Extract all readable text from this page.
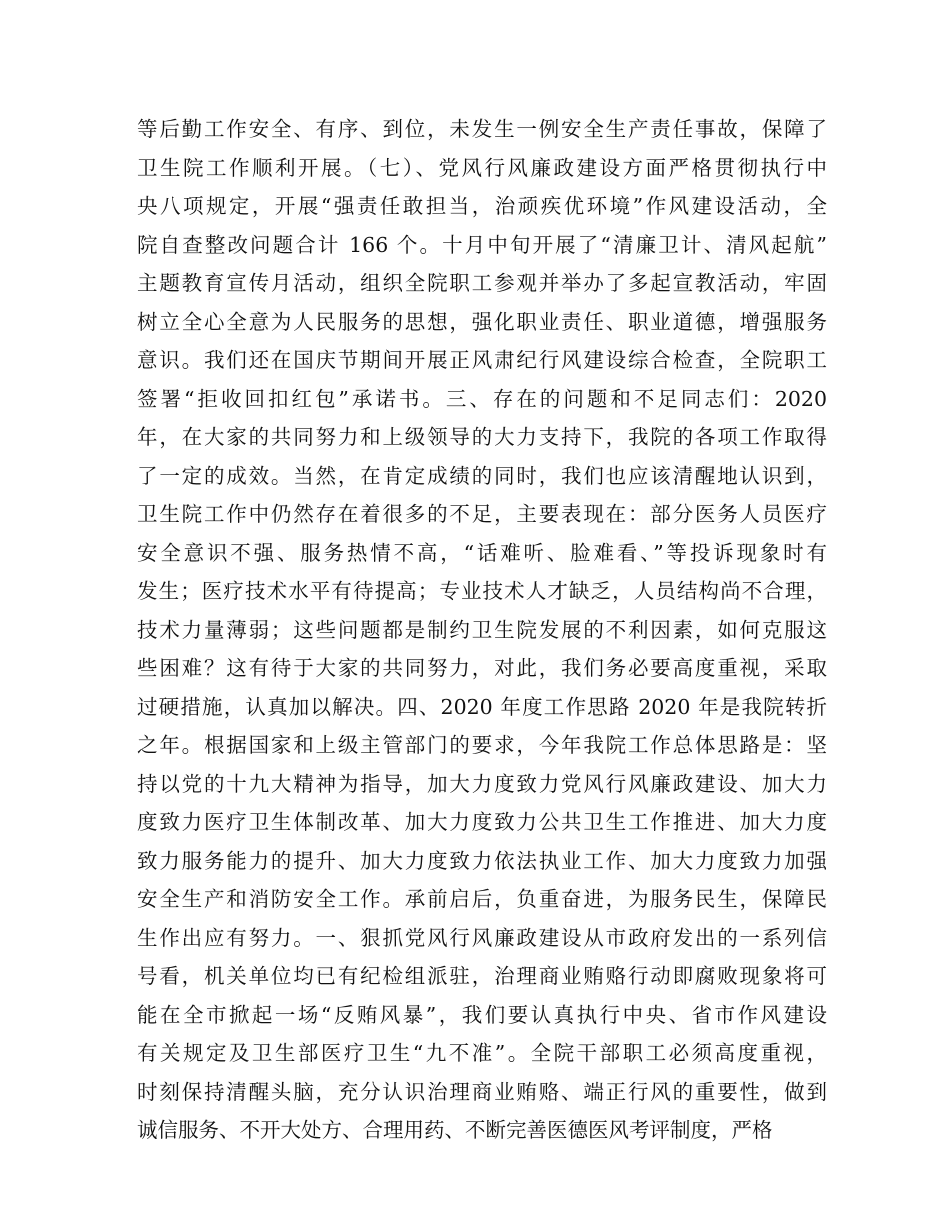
等后勤工作安全、有序、到位，未发生一例安全生产责任事故，保障了
卫生院工作顺利开展。（七）、党风行风廉政建设方面严格贯彻执行中
央八项规定，开展“强责任敢担当，治顽疾优环境”作风建设活动，全
院自查整改问题合计 166 个。十月中旬开展了“清廉卫计、清风起航”
主题教育宣传月活动，组织全院职工参观并举办了多起宣教活动，牢固
树立全心全意为人民服务的思想，强化职业责任、职业道德，增强服务
意识。我们还在国庆节期间开展正风肃纪行风建设综合检查，全院职工
签署“拒收回扣红包”承诺书。三、存在的问题和不足同志们：2020
年，在大家的共同努力和上级领导的大力支持下，我院的各项工作取得
了一定的成效。当然，在肯定成绩的同时，我们也应该清醒地认识到，
卫生院工作中仍然存在着很多的不足，主要表现在：部分医务人员医疗
安全意识不强、服务热情不高，“话难听、脸难看、”等投诉现象时有
发生；医疗技术水平有待提高；专业技术人才缺乏，人员结构尚不合理，
技术力量薄弱；这些问题都是制约卫生院发展的不利因素，如何克服这
些困难？这有待于大家的共同努力，对此，我们务必要高度重视，采取
过硬措施，认真加以解决。四、2020 年度工作思路 2020 年是我院转折
之年。根据国家和上级主管部门的要求，今年我院工作总体思路是：坚
持以党的十九大精神为指导，加大力度致力党风行风廉政建设、加大力
度致力医疗卫生体制改革、加大力度致力公共卫生工作推进、加大力度
致力服务能力的提升、加大力度致力依法执业工作、加大力度致力加强
安全生产和消防安全工作。承前启后，负重奋进，为服务民生，保障民
生作出应有努力。一、狠抓党风行风廉政建设从市政府发出的一系列信
号看，机关单位均已有纪检组派驻，治理商业贿赂行动即腐败现象将可
能在全市掀起一场“反贿风暴”，我们要认真执行中央、省市作风建设
有关规定及卫生部医疗卫生“九不准”。全院干部职工必须高度重视，
时刻保持清醒头脑，充分认识治理商业贿赂、端正行风的重要性，做到
诚信服务、不开大处方、合理用药、不断完善医德医风考评制度，严格
